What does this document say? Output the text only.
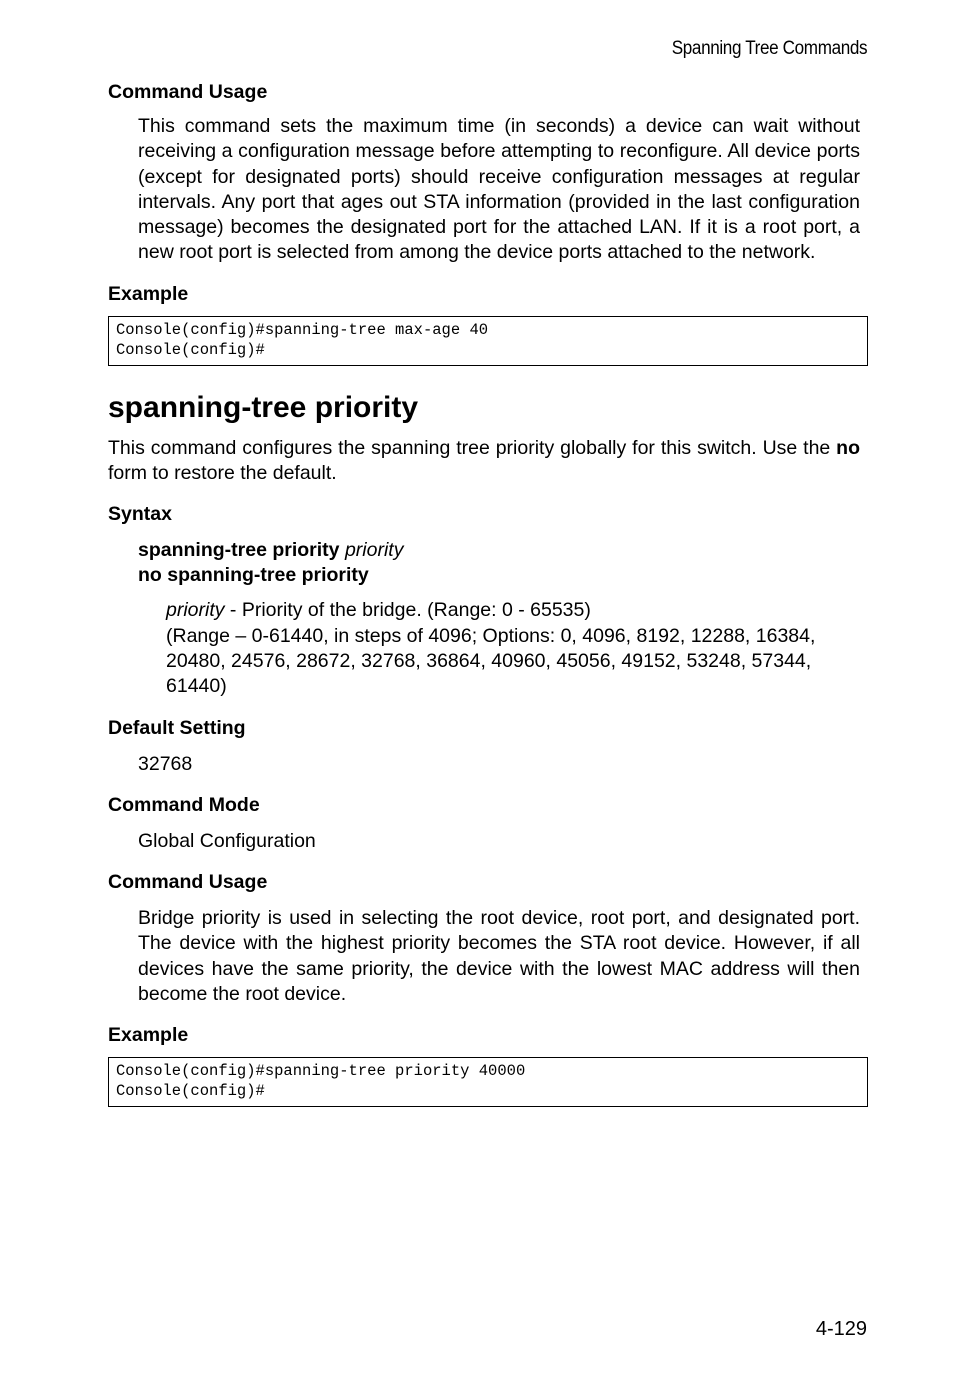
Spanning Tree Commands
Command Usage
This command sets the maximum time (in seconds) a device can wait without receiving a configuration message before attempting to reconfigure. All device ports (except for designated ports) should receive configuration messages at regular intervals. Any port that ages out STA information (provided in the last configuration message) becomes the designated port for the attached LAN. If it is a root port, a new root port is selected from among the device ports attached to the network.
Example
Console(config)#spanning-tree max-age 40
Console(config)#
spanning-tree priority
This command configures the spanning tree priority globally for this switch. Use the no form to restore the default.
Syntax
spanning-tree priority priority
no spanning-tree priority
priority - Priority of the bridge. (Range: 0 - 65535)
(Range – 0-61440, in steps of 4096; Options: 0, 4096, 8192, 12288, 16384, 20480, 24576, 28672, 32768, 36864, 40960, 45056, 49152, 53248, 57344, 61440)
Default Setting
32768
Command Mode
Global Configuration
Command Usage
Bridge priority is used in selecting the root device, root port, and designated port. The device with the highest priority becomes the STA root device. However, if all devices have the same priority, the device with the lowest MAC address will then become the root device.
Example
Console(config)#spanning-tree priority 40000
Console(config)#
4-129
